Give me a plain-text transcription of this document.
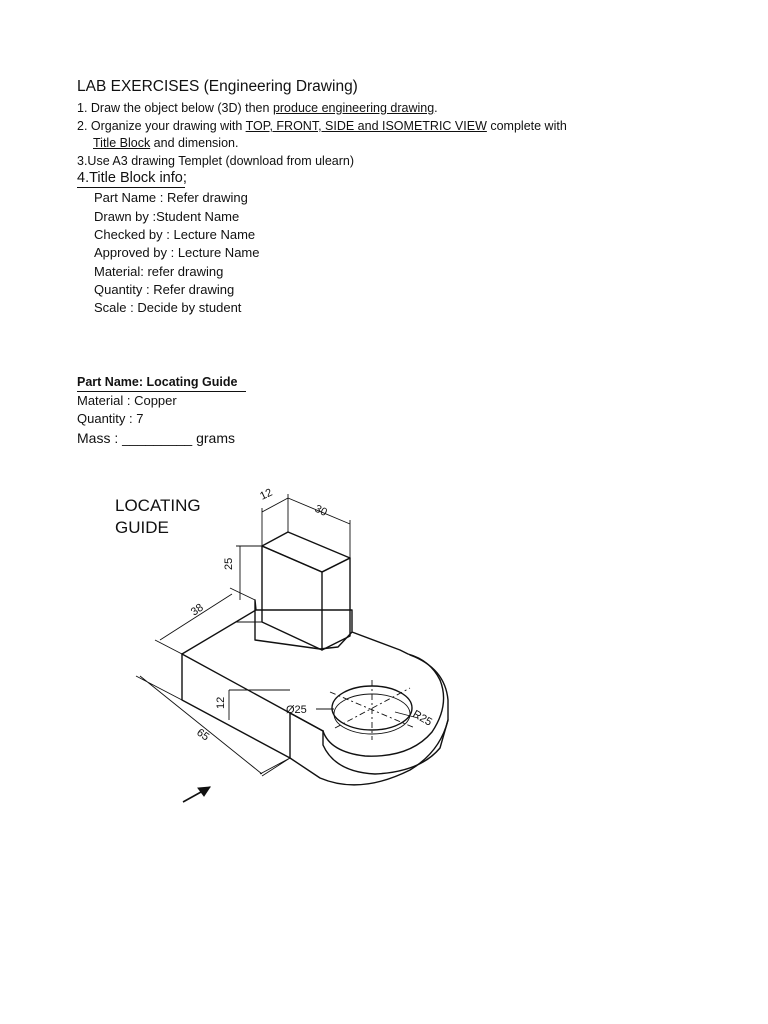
LAB EXERCISES (Engineering Drawing)
1. Draw the object below (3D) then produce engineering drawing.
2. Organize your drawing with TOP, FRONT, SIDE and ISOMETRIC VIEW complete with
Title Block and dimension.
3.Use A3 drawing Templet (download from ulearn)
4.Title Block info;
Part Name : Refer drawing
Drawn by :Student Name
Checked by : Lecture Name
Approved by : Lecture Name
Material: refer drawing
Quantity : Refer drawing
Scale : Decide by student
Part Name: Locating Guide
Material : Copper
Quantity : 7
Mass : _________ grams
LOCATING
GUIDE
12
30
25
38
12
65
Ø25	R25
